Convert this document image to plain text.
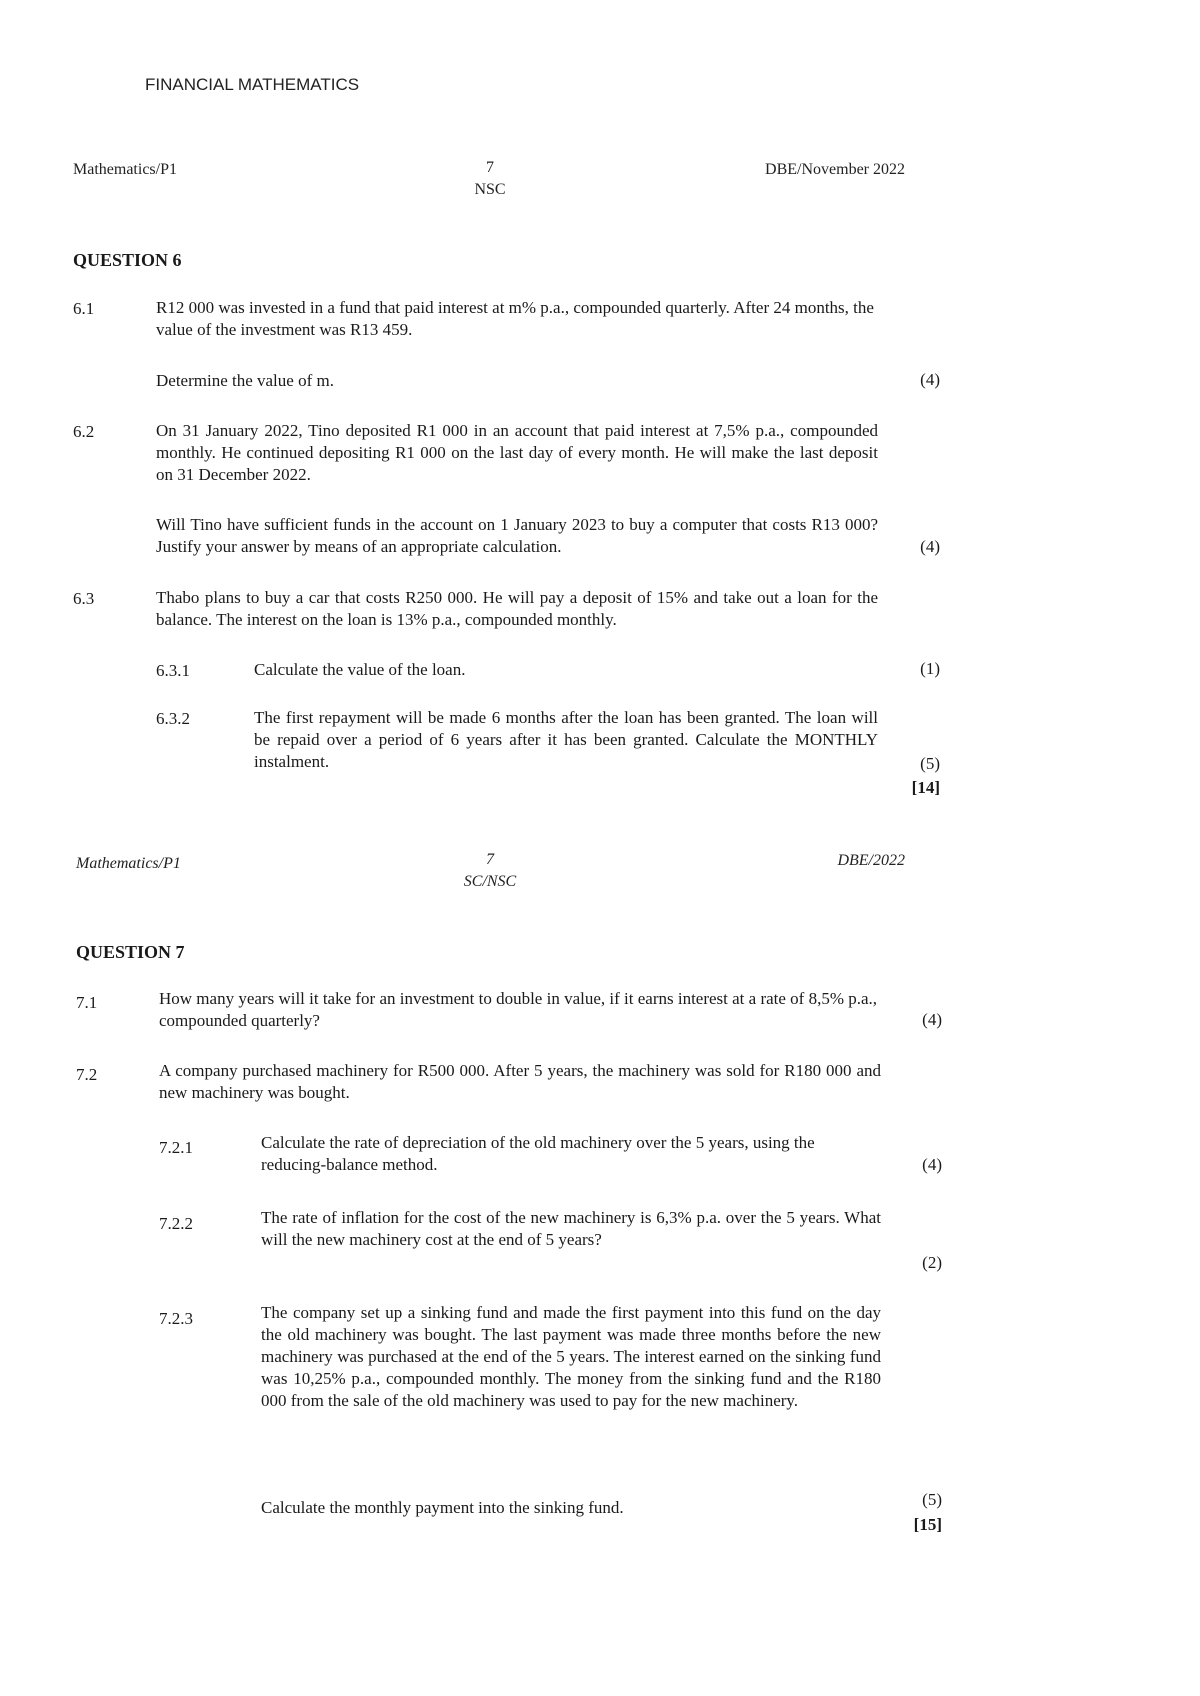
FINANCIAL MATHEMATICS
Mathematics/P1	7
NSC
DBE/November 2022
QUESTION 6
6.1	R12 000 was invested in a fund that paid interest at m% p.a., compounded quarterly. After 24 months, the value of the investment was R13 459.
Determine the value of m.	(4)
6.2	On 31 January 2022, Tino deposited R1 000 in an account that paid interest at 7,5% p.a., compounded monthly. He continued depositing R1 000 on the last day of every month. He will make the last deposit on 31 December 2022.
Will Tino have sufficient funds in the account on 1 January 2023 to buy a computer that costs R13 000? Justify your answer by means of an appropriate calculation.	(4)
6.3	Thabo plans to buy a car that costs R250 000. He will pay a deposit of 15% and take out a loan for the balance. The interest on the loan is 13% p.a., compounded monthly.
6.3.1	Calculate the value of the loan.	(1)
6.3.2	The first repayment will be made 6 months after the loan has been granted. The loan will be repaid over a period of 6 years after it has been granted. Calculate the MONTHLY instalment.	(5)
[14]
Mathematics/P1	7
SC/NSC
DBE/2022
QUESTION 7
7.1	How many years will it take for an investment to double in value, if it earns interest at a rate of 8,5% p.a., compounded quarterly?	(4)
7.2	A company purchased machinery for R500 000. After 5 years, the machinery was sold for R180 000 and new machinery was bought.
7.2.1	Calculate the rate of depreciation of the old machinery over the 5 years, using the reducing-balance method.	(4)
7.2.2	The rate of inflation for the cost of the new machinery is 6,3% p.a. over the 5 years. What will the new machinery cost at the end of 5 years?
(2)
7.2.3	The company set up a sinking fund and made the first payment into this fund on the day the old machinery was bought. The last payment was made three months before the new machinery was purchased at the end of the 5 years. The interest earned on the sinking fund was 10,25% p.a., compounded monthly. The money from the sinking fund and the R180 000 from the sale of the old machinery was used to pay for the new machinery.
Calculate the monthly payment into the sinking fund.	(5)
[15]
